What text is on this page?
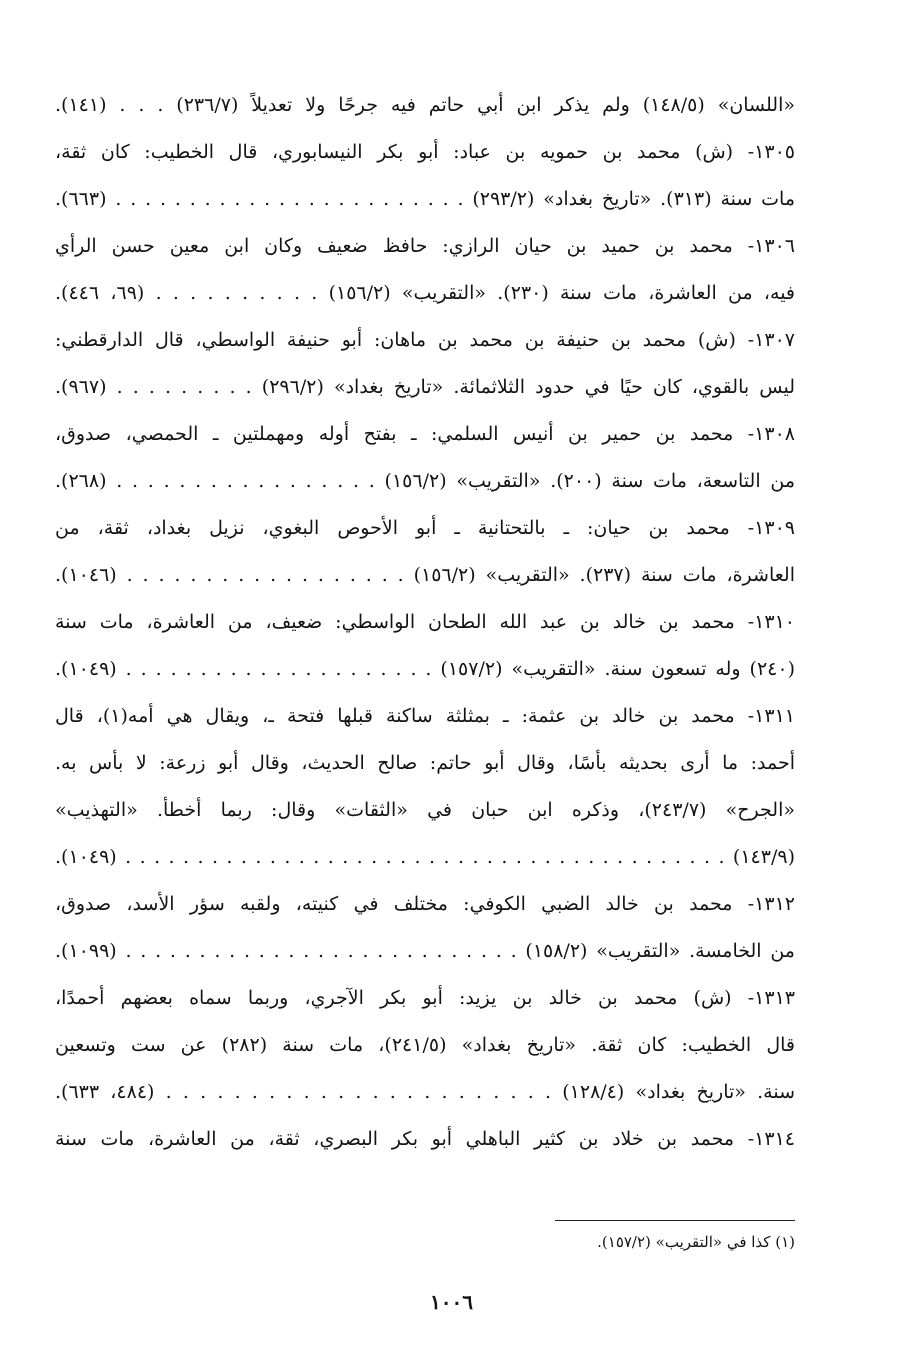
«اللسان» (١٤٨/٥) ولم يذكر ابن أبي حاتم فيه جرحًا ولا تعديلاً (٢٣٦/٧) . . . (١٤١).
١٣٠٥- (ش) محمد بن حمويه بن عباد: أبو بكر النيسابوري، قال الخطيب: كان ثقة،
مات سنة (٣١٣). «تاريخ بغداد» (٢٩٣/٢) . . . . . . . . . . . . . . . . . . . . . . . . (٦٦٣).
١٣٠٦- محمد بن حميد بن حيان الرازي: حافظ ضعيف وكان ابن معين حسن الرأي
فيه، من العاشرة، مات سنة (٢٣٠). «التقريب» (١٥٦/٢) . . . . . . . . . . (٦٩، ٤٤٦).
١٣٠٧- (ش) محمد بن حنيفة بن محمد بن ماهان: أبو حنيفة الواسطي، قال الدارقطني:
ليس بالقوي، كان حيًا في حدود الثلاثمائة. «تاريخ بغداد» (٢٩٦/٢) . . . . . . . . . (٩٦٧).
١٣٠٨- محمد بن حمير بن أنيس السلمي: ـ بفتح أوله ومهملتين ـ الحمصي، صدوق،
من التاسعة، مات سنة (٢٠٠). «التقريب» (١٥٦/٢) . . . . . . . . . . . . . . . . . (٢٦٨).
١٣٠٩- محمد بن حيان: ـ بالتحتانية ـ أبو الأحوص البغوي، نزيل بغداد، ثقة، من
العاشرة، مات سنة (٢٣٧). «التقريب» (١٥٦/٢) . . . . . . . . . . . . . . . . . . (١٠٤٦).
١٣١٠- محمد بن خالد بن عبد الله الطحان الواسطي: ضعيف، من العاشرة، مات سنة
(٢٤٠) وله تسعون سنة. «التقريب» (١٥٧/٢) . . . . . . . . . . . . . . . . . . . . . (١٠٤٩).
١٣١١- محمد بن خالد بن عثمة: ـ بمثلثة ساكنة قبلها فتحة ـ، ويقال هي أمه(١)، قال
أحمد: ما أرى بحديثه بأسًا، وقال أبو حاتم: صالح الحديث، وقال أبو زرعة: لا بأس به.
«الجرح» (٢٤٣/٧)، وذكره ابن حبان في «الثقات» وقال: ربما أخطأ. «التهذيب»
(١٤٣/٩) . . . . . . . . . . . . . . . . . . . . . . . . . . . . . . . . . . . . . . . . . . (١٠٤٩).
١٣١٢- محمد بن خالد الضبي الكوفي: مختلف في كنيته، ولقبه سؤر الأسد، صدوق،
من الخامسة. «التقريب» (١٥٨/٢) . . . . . . . . . . . . . . . . . . . . . . . . . . . (١٠٩٩).
١٣١٣- (ش) محمد بن خالد بن يزيد: أبو بكر الآجري، وربما سماه بعضهم أحمدًا،
قال الخطيب: كان ثقة. «تاريخ بغداد» (٢٤١/٥)، مات سنة (٢٨٢) عن ست وتسعين
سنة. «تاريخ بغداد» (١٢٨/٤) . . . . . . . . . . . . . . . . . . . . . . . (٤٨٤، ٦٣٣).
١٣١٤- محمد بن خلاد بن كثير الباهلي أبو بكر البصري، ثقة، من العاشرة، مات سنة
(١) كذا في «التقريب» (١٥٧/٢).
١٠٠٦
